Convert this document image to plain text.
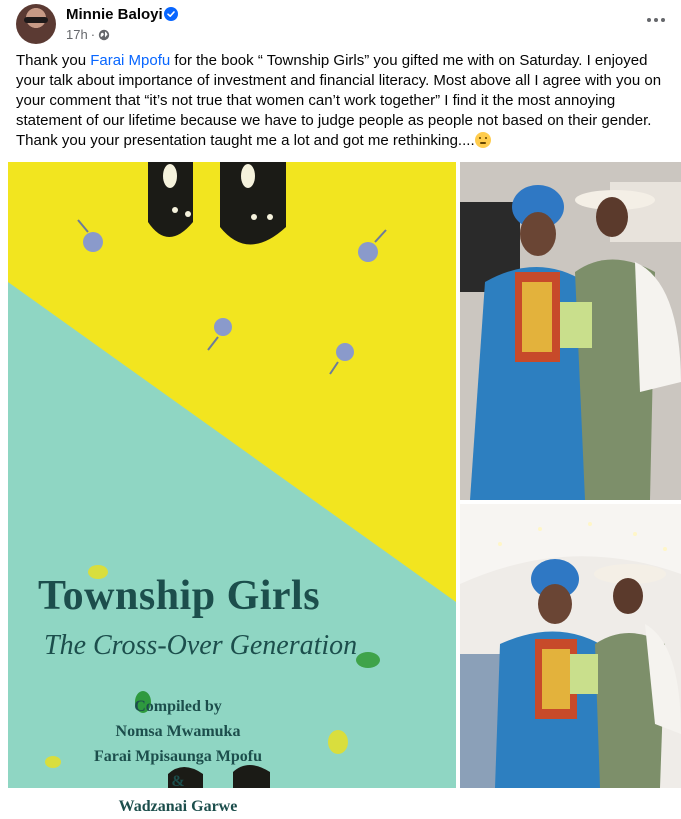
Minnie Baloyi
17h ·
Thank you Farai Mpofu for the book “ Township Girls” you gifted me with on Saturday. I enjoyed your talk about importance of investment and financial literacy. Most above all I agree with you on your comment that “it’s not true that women can’t work together” I find it the most annoying statement of our lifetime because we have to judge people as people not based on their gender. Thank you your presentation taught me a lot and got me rethinking....
Township Girls
The Cross-Over Generation
Compiled by
Nomsa Mwamuka
Farai Mpisaunga Mpofu
&
Wadzanai Garwe
